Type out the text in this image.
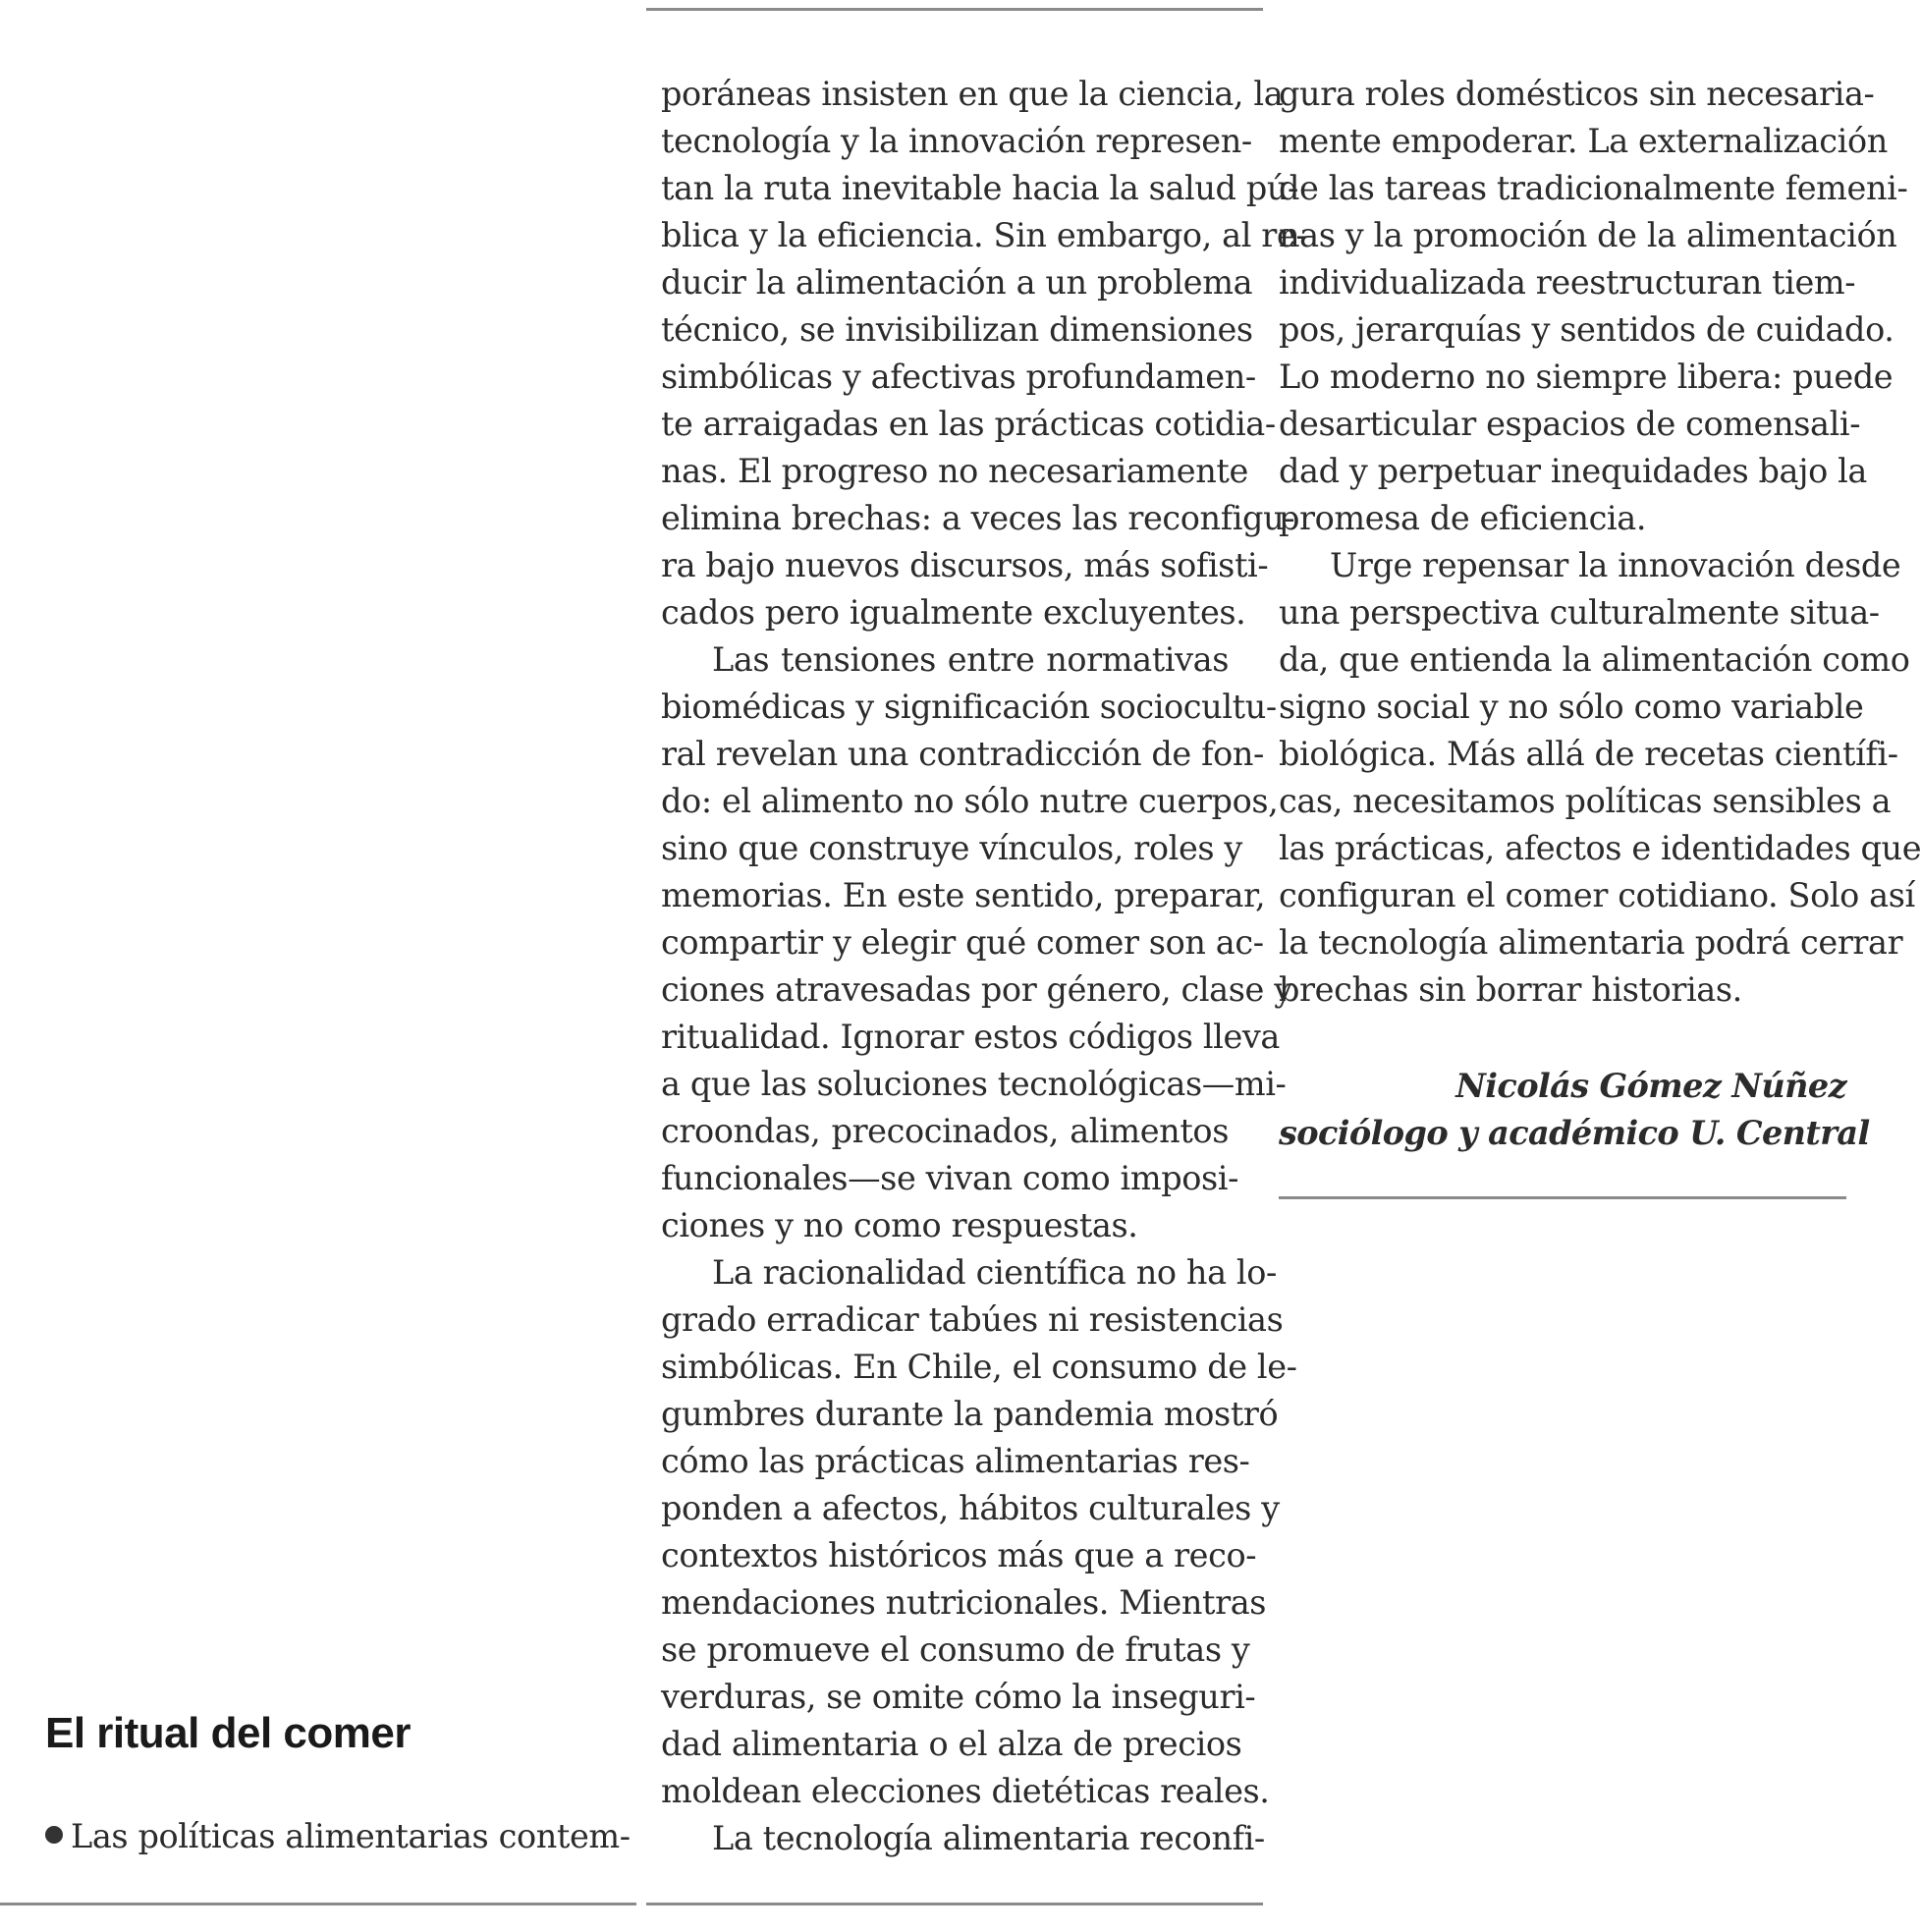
El ritual del comer
Las políticas alimentarias contem-
poráneas insisten en que la ciencia, la
tecnología y la innovación represen-
tan la ruta inevitable hacia la salud pú-
blica y la eficiencia. Sin embargo, al re-
ducir la alimentación a un problema
técnico, se invisibilizan dimensiones
simbólicas y afectivas profundamen-
te arraigadas en las prácticas cotidia-
nas. El progreso no necesariamente
elimina brechas: a veces las reconfigu-
ra bajo nuevos discursos, más sofisti-
cados pero igualmente excluyentes.
Las tensiones entre normativas
biomédicas y significación sociocultu-
ral revelan una contradicción de fon-
do: el alimento no sólo nutre cuerpos,
sino que construye vínculos, roles y
memorias. En este sentido, preparar,
compartir y elegir qué comer son ac-
ciones atravesadas por género, clase y
ritualidad. Ignorar estos códigos lleva
a que las soluciones tecnológicas—mi-
croondas, precocinados, alimentos
funcionales—se vivan como imposi-
ciones y no como respuestas.
La racionalidad científica no ha lo-
grado erradicar tabúes ni resistencias
simbólicas. En Chile, el consumo de le-
gumbres durante la pandemia mostró
cómo las prácticas alimentarias res-
ponden a afectos, hábitos culturales y
contextos históricos más que a reco-
mendaciones nutricionales. Mientras
se promueve el consumo de frutas y
verduras, se omite cómo la inseguri-
dad alimentaria o el alza de precios
moldean elecciones dietéticas reales.
La tecnología alimentaria reconfi-
gura roles domésticos sin necesaria-
mente empoderar. La externalización
de las tareas tradicionalmente femeni-
nas y la promoción de la alimentación
individualizada reestructuran tiem-
pos, jerarquías y sentidos de cuidado.
Lo moderno no siempre libera: puede
desarticular espacios de comensali-
dad y perpetuar inequidades bajo la
promesa de eficiencia.
Urge repensar la innovación desde
una perspectiva culturalmente situa-
da, que entienda la alimentación como
signo social y no sólo como variable
biológica. Más allá de recetas científi-
cas, necesitamos políticas sensibles a
las prácticas, afectos e identidades que
configuran el comer cotidiano. Solo así
la tecnología alimentaria podrá cerrar
brechas sin borrar historias.
Nicolás Gómez Núñez
sociólogo y académico U. Central
